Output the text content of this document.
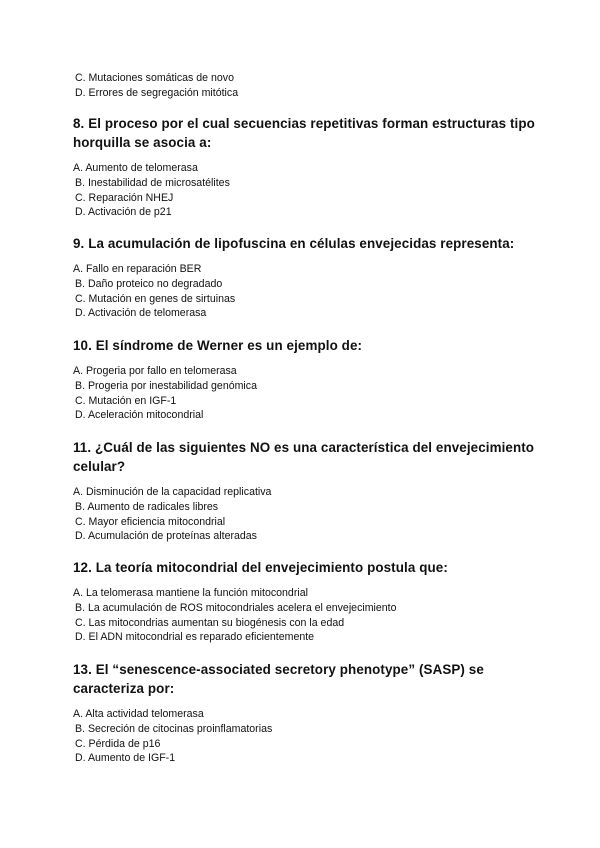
C. Mutaciones somáticas de novo
D. Errores de segregación mitótica
8. El proceso por el cual secuencias repetitivas forman estructuras tipo horquilla se asocia a:
A. Aumento de telomerasa
B. Inestabilidad de microsatélites
C. Reparación NHEJ
D. Activación de p21
9. La acumulación de lipofuscina en células envejecidas representa:
A. Fallo en reparación BER
B. Daño proteico no degradado
C. Mutación en genes de sirtuinas
D. Activación de telomerasa
10. El síndrome de Werner es un ejemplo de:
A. Progeria por fallo en telomerasa
B. Progeria por inestabilidad genómica
C. Mutación en IGF-1
D. Aceleración mitocondrial
11. ¿Cuál de las siguientes NO es una característica del envejecimiento celular?
A. Disminución de la capacidad replicativa
B. Aumento de radicales libres
C. Mayor eficiencia mitocondrial
D. Acumulación de proteínas alteradas
12. La teoría mitocondrial del envejecimiento postula que:
A. La telomerasa mantiene la función mitocondrial
B. La acumulación de ROS mitocondriales acelera el envejecimiento
C. Las mitocondrias aumentan su biogénesis con la edad
D. El ADN mitocondrial es reparado eficientemente
13. El “senescence-associated secretory phenotype” (SASP) se caracteriza por:
A. Alta actividad telomerasa
B. Secreción de citocinas proinflamatorias
C. Pérdida de p16
D. Aumento de IGF-1
